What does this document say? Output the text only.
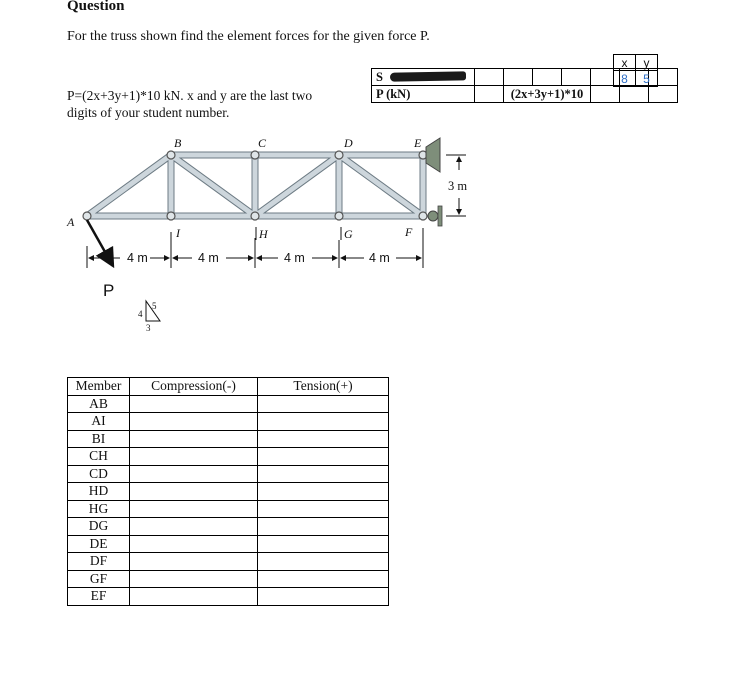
Question
For the truss shown find the element forces for the given force P.
P=(2x+3y+1)*10 kN. x and y are the last two
digits of your student number.
S							
P (kN)		(2x+3y+1)*10					
x	y
8	5
A
B	C	D	E
F
G
H
I
3 m
4 m	4 m	4 m	4 m
P
4
5
3
Member	Compression(-)	Tension(+)
AB		
AI		
BI		
CH		
CD		
HD		
HG		
DG		
DE		
DF		
GF		
EF		
